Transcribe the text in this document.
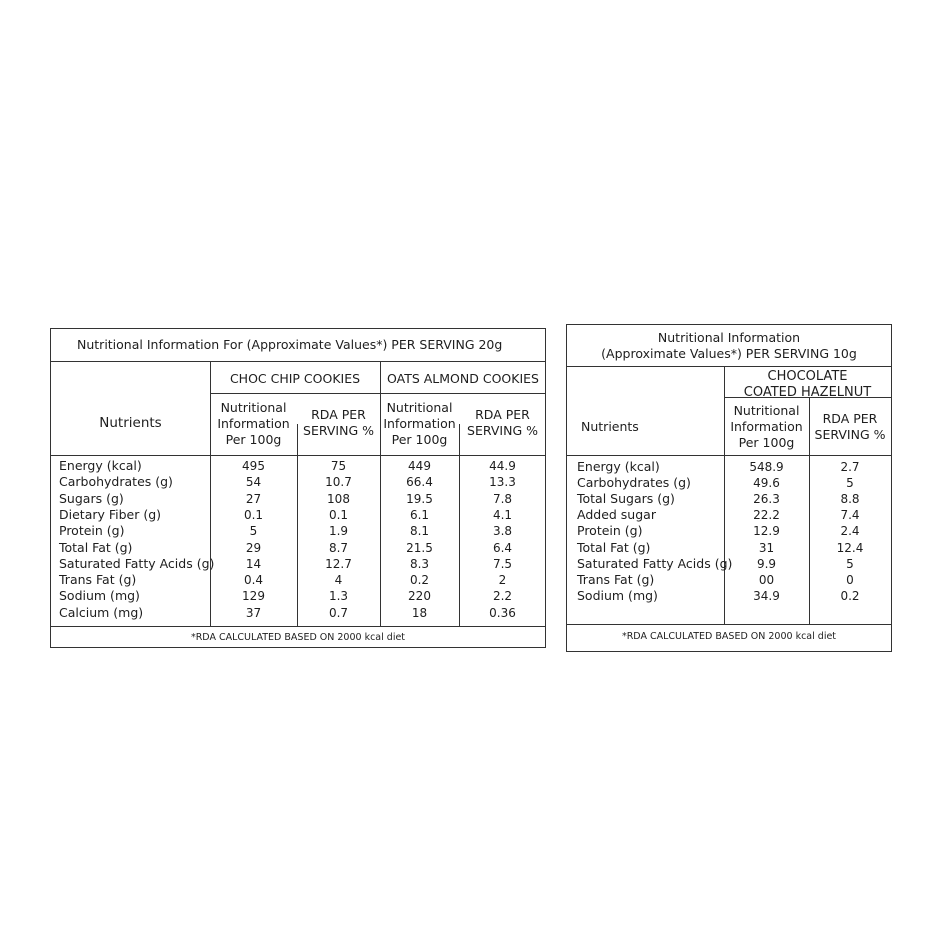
Nutritional Information For (Approximate Values*) PER SERVING 20g
Nutrients
CHOC CHIP COOKIES	OATS ALMOND COOKIES
Nutritional
Information
Per 100g
RDA PER
SERVING %
Nutritional
Information
Per 100g
RDA PER
SERVING %
Energy (kcal)	495	75	449	44.9
Carbohydrates (g)	54	10.7	66.4	13.3
Sugars (g)	27	108	19.5	7.8
Dietary Fiber (g)	0.1	0.1	6.1	4.1
Protein (g)	5	1.9	8.1	3.8
Total Fat (g)	29	8.7	21.5	6.4
Saturated Fatty Acids (g)	14	12.7	8.3	7.5
Trans Fat (g)	0.4	4	0.2	2
Sodium (mg)	129	1.3	220	2.2
Calcium (mg)	37	0.7	18	0.36
*RDA CALCULATED BASED ON 2000 kcal diet
Nutritional Information
(Approximate Values*) PER SERVING 10g
Nutrients
CHOCOLATE
COATED HAZELNUT
Nutritional
Information
Per 100g
RDA PER
SERVING %
Energy (kcal)	548.9	2.7
Carbohydrates (g)	49.6	5
Total Sugars (g)	26.3	8.8
Added sugar	22.2	7.4
Protein (g)	12.9	2.4
Total Fat (g)	31	12.4
Saturated Fatty Acids (g)	9.9	5
Trans Fat (g)	00	0
Sodium (mg)	34.9	0.2
*RDA CALCULATED BASED ON 2000 kcal diet
